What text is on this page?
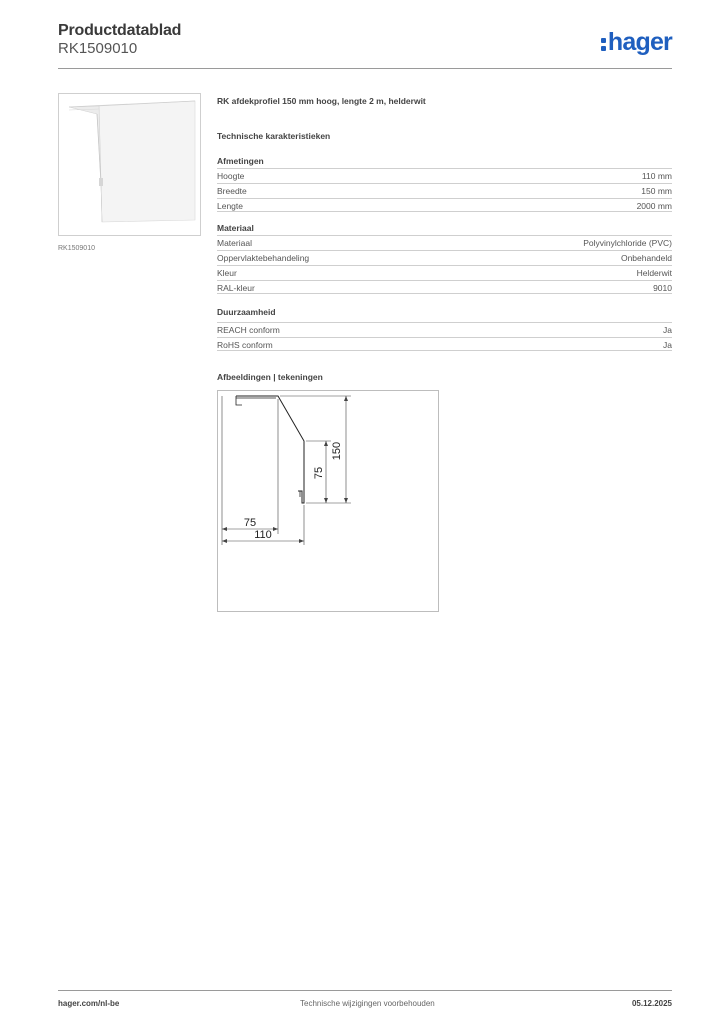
Productdatablad
RK1509010	hager
RK1509010
RK afdekprofiel 150 mm hoog, lengte 2 m, helderwit
Technische karakteristieken
Afmetingen
Hoogte	110 mm
Breedte	150 mm
Lengte	2000 mm
Materiaal
Materiaal	Polyvinylchloride (PVC)
Oppervlaktebehandeling	Onbehandeld
Kleur	Helderwit
RAL-kleur	9010
Duurzaamheid
REACH conform	Ja
RoHS conform	Ja
Afbeeldingen | tekeningen
150
75
75
110
hager.com/nl-be	Technische wijzigingen voorbehouden	05.12.2025
